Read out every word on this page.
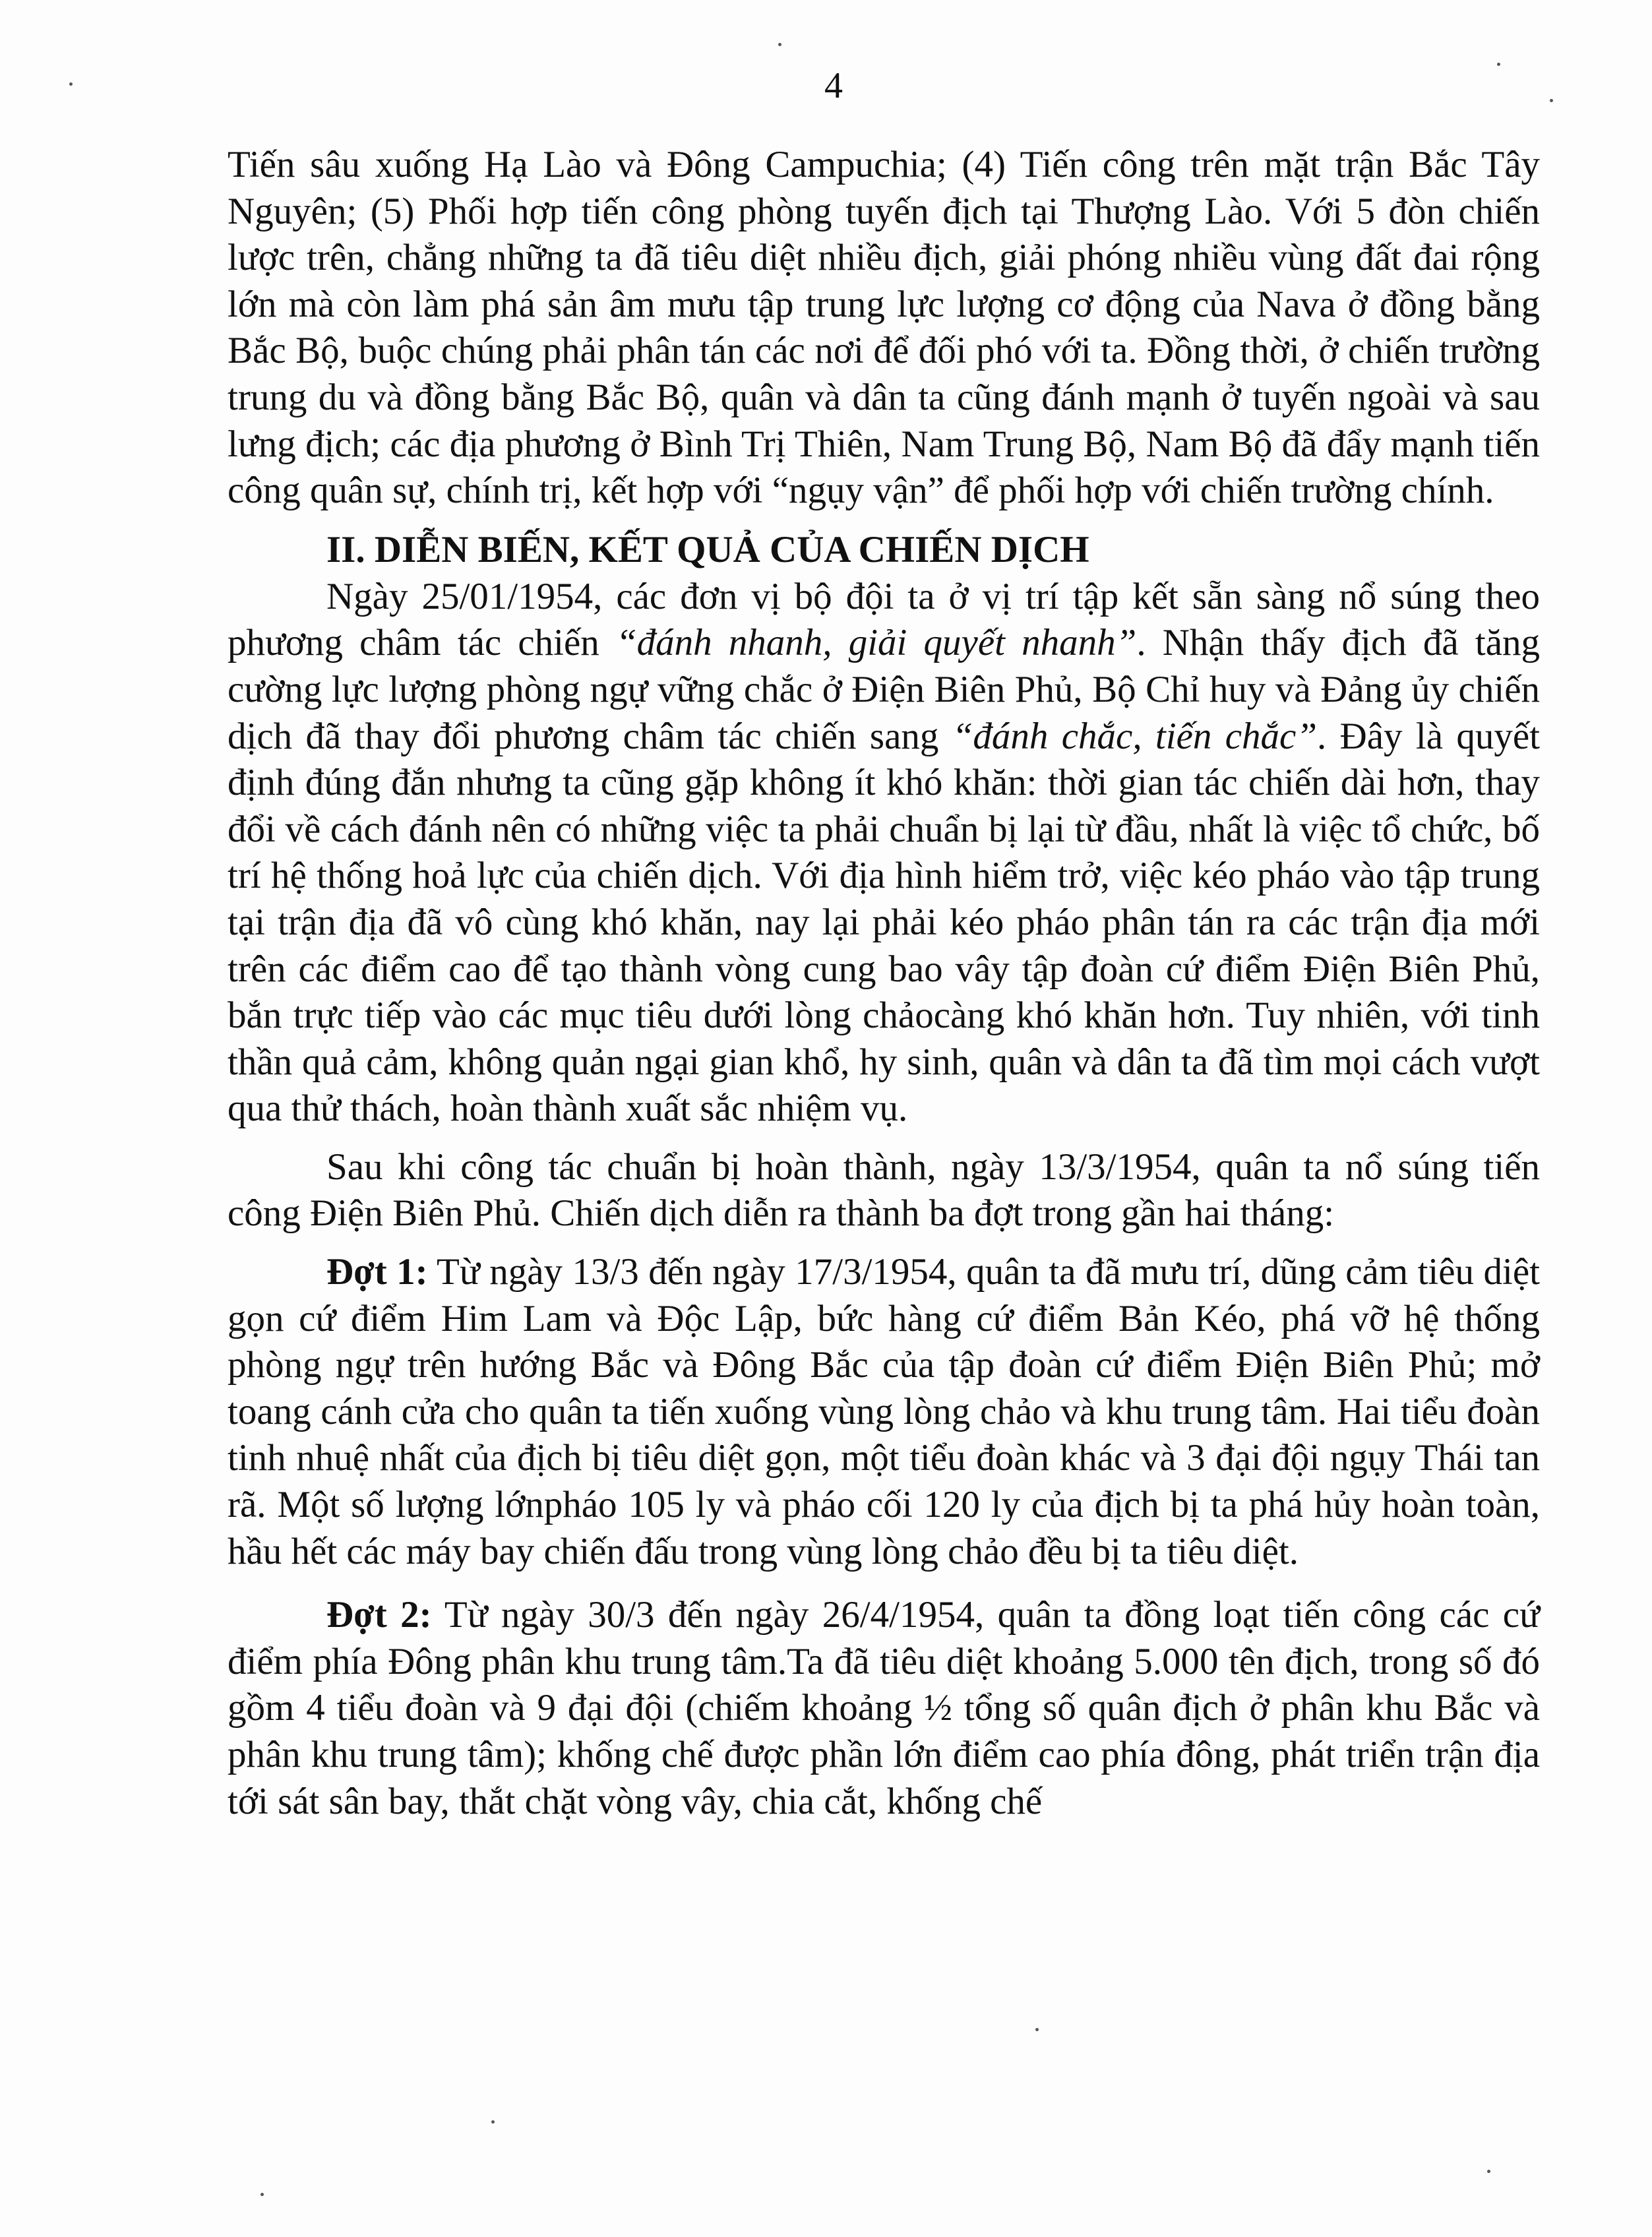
4

Tiến sâu xuống Hạ Lào và Đông Campuchia; (4) Tiến công trên mặt trận Bắc Tây Nguyên; (5) Phối hợp tiến công phòng tuyến địch tại Thượng Lào. Với 5 đòn chiến lược trên, chẳng những ta đã tiêu diệt nhiều địch, giải phóng nhiều vùng đất đai rộng lớn mà còn làm phá sản âm mưu tập trung lực lượng cơ động của Nava ở đồng bằng Bắc Bộ, buộc chúng phải phân tán các nơi để đối phó với ta. Đồng thời, ở chiến trường trung du và đồng bằng Bắc Bộ, quân và dân ta cũng đánh mạnh ở tuyến ngoài và sau lưng địch; các địa phương ở Bình Trị Thiên, Nam Trung Bộ, Nam Bộ đã đẩy mạnh tiến công quân sự, chính trị, kết hợp với “ngụy vận” để phối hợp với chiến trường chính.

II. DIỄN BIẾN, KẾT QUẢ CỦA CHIẾN DỊCH

Ngày 25/01/1954, các đơn vị bộ đội ta ở vị trí tập kết sẵn sàng nổ súng theo phương châm tác chiến “đánh nhanh, giải quyết nhanh”. Nhận thấy địch đã tăng cường lực lượng phòng ngự vững chắc ở Điện Biên Phủ, Bộ Chỉ huy và Đảng ủy chiến dịch đã thay đổi phương châm tác chiến sang “đánh chắc, tiến chắc”. Đây là quyết định đúng đắn nhưng ta cũng gặp không ít khó khăn: thời gian tác chiến dài hơn, thay đổi về cách đánh nên có những việc ta phải chuẩn bị lại từ đầu, nhất là việc tổ chức, bố trí hệ thống hoả lực của chiến dịch. Với địa hình hiểm trở, việc kéo pháo vào tập trung tại trận địa đã vô cùng khó khăn, nay lại phải kéo pháo phân tán ra các trận địa mới trên các điểm cao để tạo thành vòng cung bao vây tập đoàn cứ điểm Điện Biên Phủ, bắn trực tiếp vào các mục tiêu dưới lòng chảocàng khó khăn hơn. Tuy nhiên, với tinh thần quả cảm, không quản ngại gian khổ, hy sinh, quân và dân ta đã tìm mọi cách vượt qua thử thách, hoàn thành xuất sắc nhiệm vụ.

Sau khi công tác chuẩn bị hoàn thành, ngày 13/3/1954, quân ta nổ súng tiến công Điện Biên Phủ. Chiến dịch diễn ra thành ba đợt trong gần hai tháng:

Đợt 1: Từ ngày 13/3 đến ngày 17/3/1954, quân ta đã mưu trí, dũng cảm tiêu diệt gọn cứ điểm Him Lam và Độc Lập, bức hàng cứ điểm Bản Kéo, phá vỡ hệ thống phòng ngự trên hướng Bắc và Đông Bắc của tập đoàn cứ điểm Điện Biên Phủ; mở toang cánh cửa cho quân ta tiến xuống vùng lòng chảo và khu trung tâm. Hai tiểu đoàn tinh nhuệ nhất của địch bị tiêu diệt gọn, một tiểu đoàn khác và 3 đại đội ngụy Thái tan rã. Một số lượng lớnpháo 105 ly và pháo cối 120 ly của địch bị ta phá hủy hoàn toàn, hầu hết các máy bay chiến đấu trong vùng lòng chảo đều bị ta tiêu diệt.

Đợt 2: Từ ngày 30/3 đến ngày 26/4/1954, quân ta đồng loạt tiến công các cứ điểm phía Đông phân khu trung tâm.Ta đã tiêu diệt khoảng 5.000 tên địch, trong số đó gồm 4 tiểu đoàn và 9 đại đội (chiếm khoảng ½ tổng số quân địch ở phân khu Bắc và phân khu trung tâm); khống chế được phần lớn điểm cao phía đông, phát triển trận địa tới sát sân bay, thắt chặt vòng vây, chia cắt, khống chế
